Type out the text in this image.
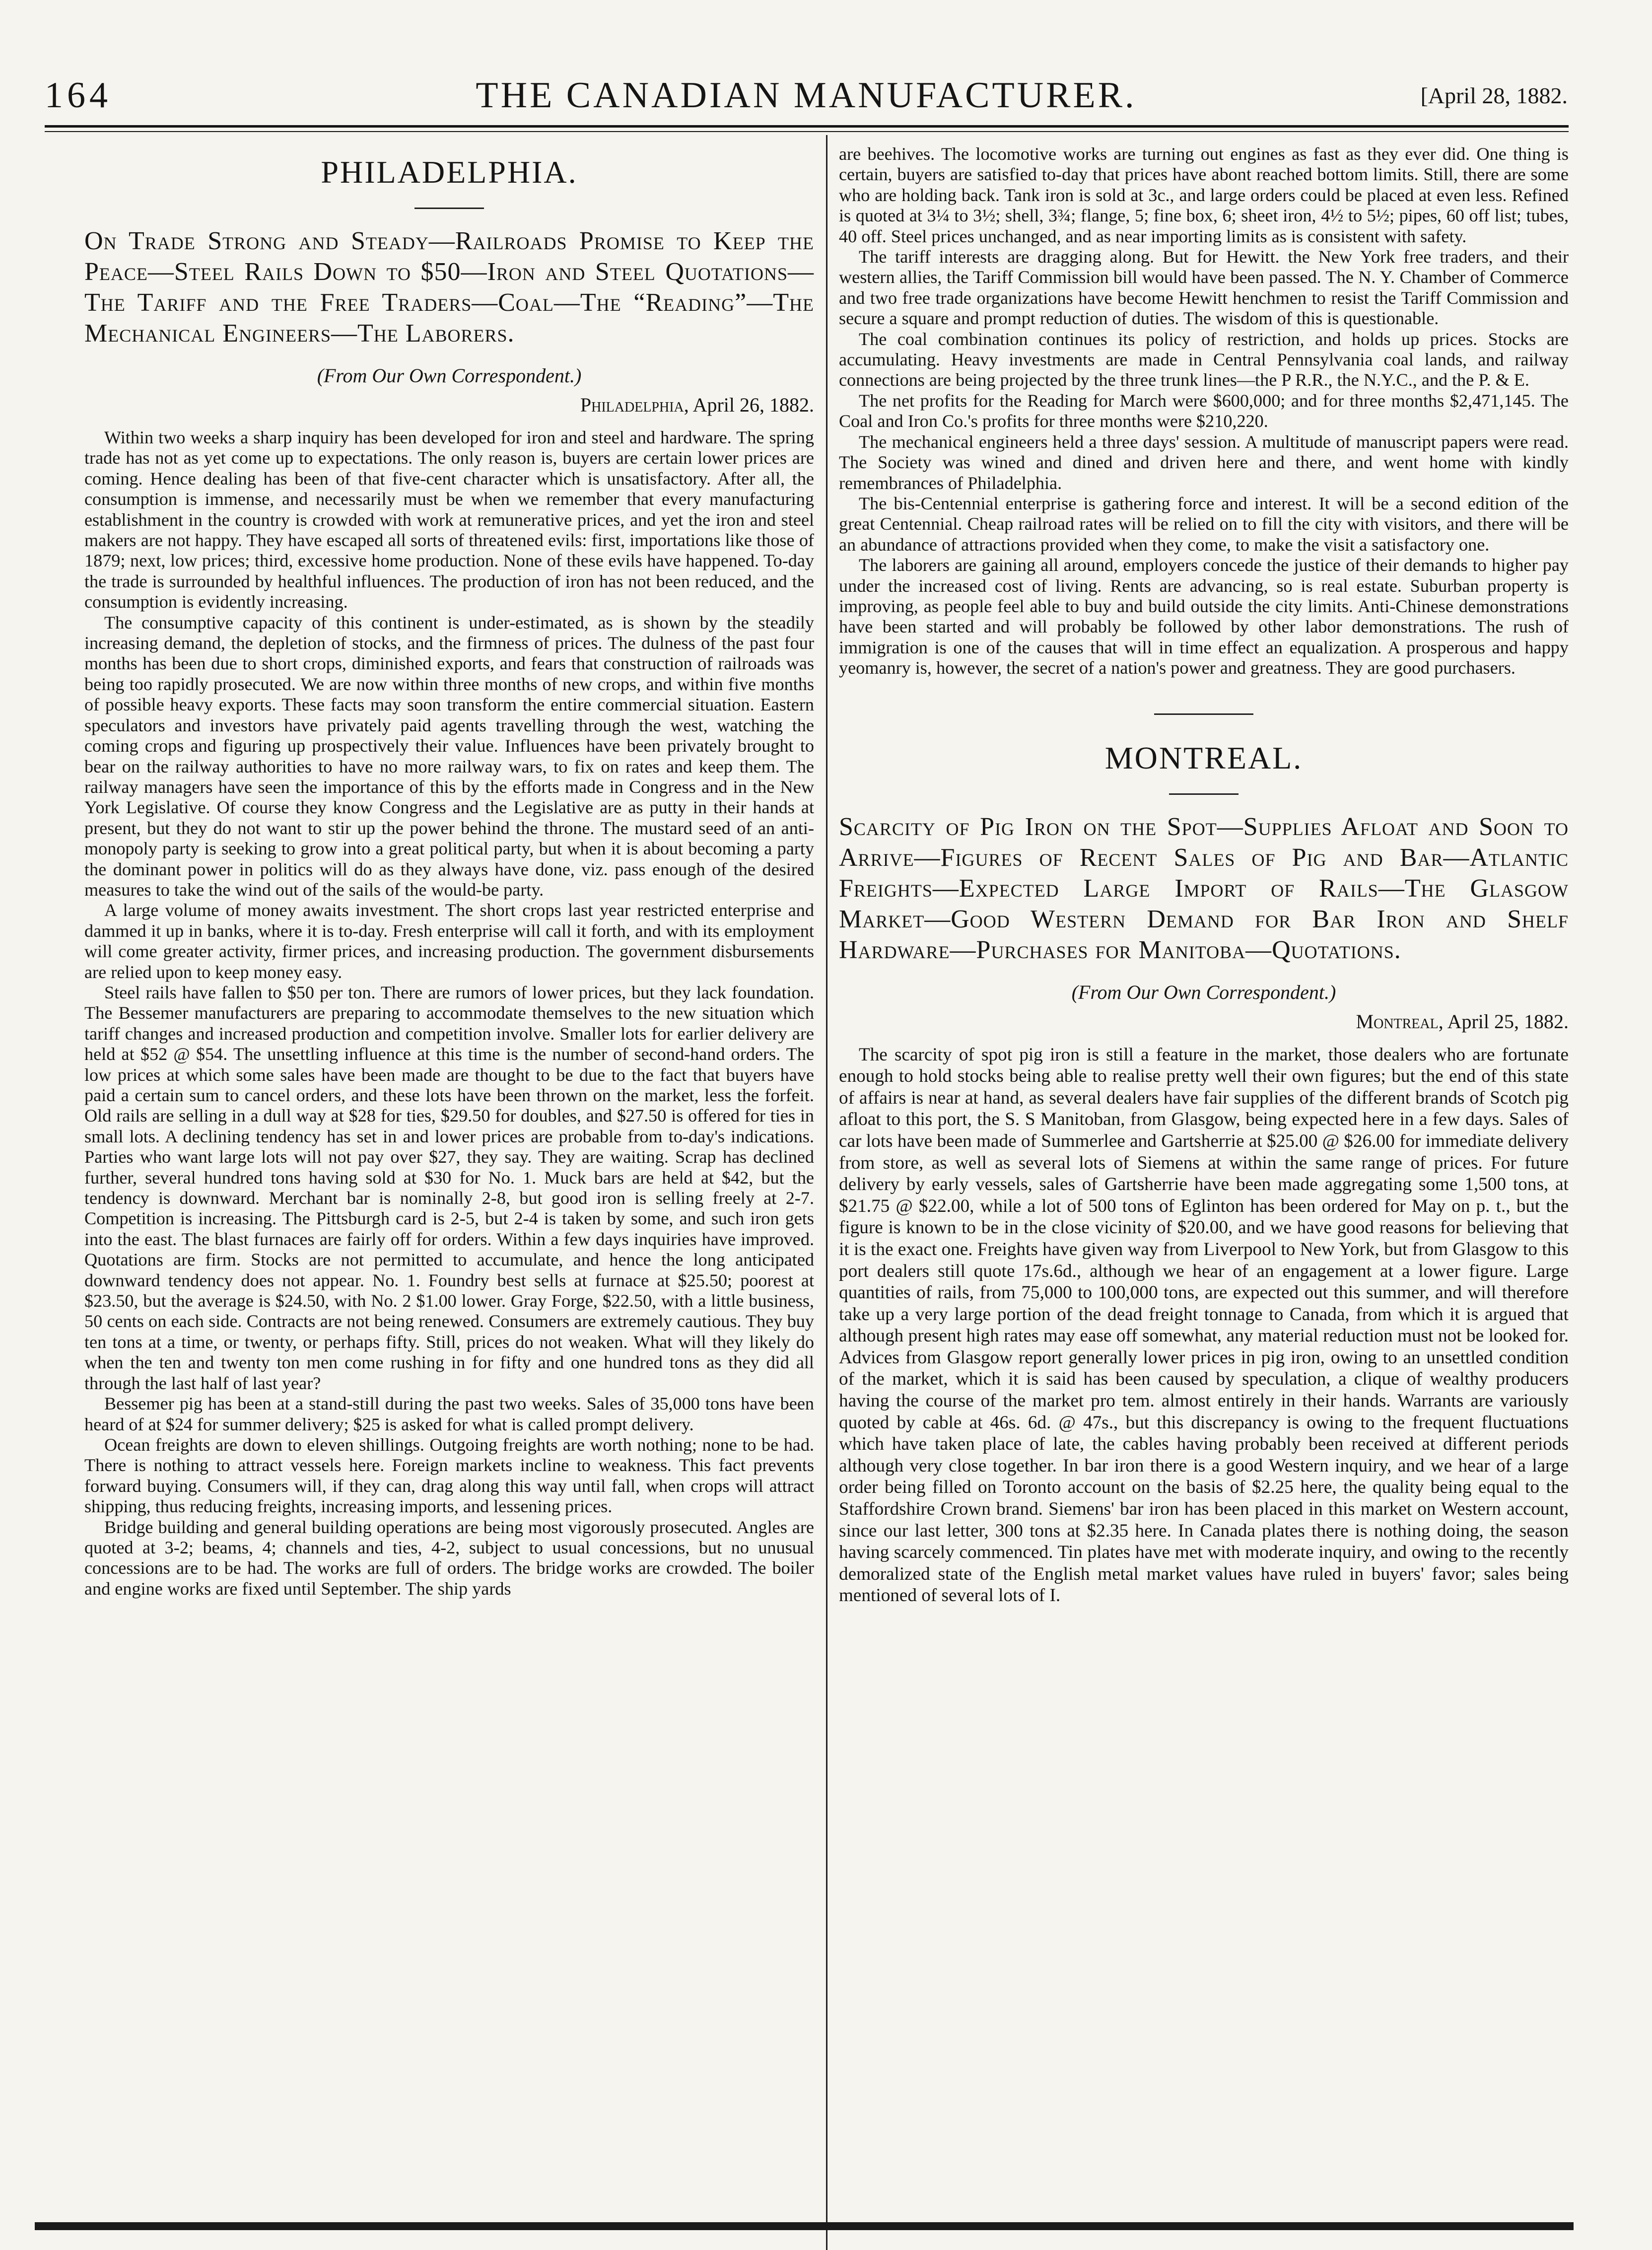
164	THE CANADIAN MANUFACTURER.	[April 28, 1882.
PHILADELPHIA.
On Trade Strong and Steady—Railroads Promise to Keep the Peace—Steel Rails Down to $50—Iron and Steel Quotations—The Tariff and the Free Traders—Coal—The “Reading”—The Mechanical Engineers—The Laborers.
(From Our Own Correspondent.)
Philadelphia, April 26, 1882.

Within two weeks a sharp inquiry has been developed for iron and steel and hardware. The spring trade has not as yet come up to expectations. The only reason is, buyers are certain lower prices are coming. Hence dealing has been of that five-cent character which is unsatisfactory. After all, the consumption is immense, and necessarily must be when we remember that every manufacturing establishment in the country is crowded with work at remunerative prices, and yet the iron and steel makers are not happy. They have escaped all sorts of threatened evils: first, importations like those of 1879; next, low prices; third, excessive home production. None of these evils have happened. To-day the trade is surrounded by healthful influences. The production of iron has not been reduced, and the consumption is evidently increasing.

The consumptive capacity of this continent is under-estimated, as is shown by the steadily increasing demand, the depletion of stocks, and the firmness of prices. The dulness of the past four months has been due to short crops, diminished exports, and fears that construction of railroads was being too rapidly prosecuted. We are now within three months of new crops, and within five months of possible heavy exports. These facts may soon transform the entire commercial situation. Eastern speculators and investors have privately paid agents travelling through the west, watching the coming crops and figuring up prospectively their value. Influences have been privately brought to bear on the railway authorities to have no more railway wars, to fix on rates and keep them. The railway managers have seen the importance of this by the efforts made in Congress and in the New York Legislative. Of course they know Congress and the Legislative are as putty in their hands at present, but they do not want to stir up the power behind the throne. The mustard seed of an anti-monopoly party is seeking to grow into a great political party, but when it is about becoming a party the dominant power in politics will do as they always have done, viz. pass enough of the desired measures to take the wind out of the sails of the would-be party.

A large volume of money awaits investment. The short crops last year restricted enterprise and dammed it up in banks, where it is to-day. Fresh enterprise will call it forth, and with its employment will come greater activity, firmer prices, and increasing production. The government disbursements are relied upon to keep money easy.

Steel rails have fallen to $50 per ton. There are rumors of lower prices, but they lack foundation. The Bessemer manufacturers are preparing to accommodate themselves to the new situation which tariff changes and increased production and competition involve. Smaller lots for earlier delivery are held at $52 @ $54. The unsettling influence at this time is the number of second-hand orders. The low prices at which some sales have been made are thought to be due to the fact that buyers have paid a certain sum to cancel orders, and these lots have been thrown on the market, less the forfeit. Old rails are selling in a dull way at $28 for ties, $29.50 for doubles, and $27.50 is offered for ties in small lots. A declining tendency has set in and lower prices are probable from to-day's indications. Parties who want large lots will not pay over $27, they say. They are waiting. Scrap has declined further, several hundred tons having sold at $30 for No. 1. Muck bars are held at $42, but the tendency is downward. Merchant bar is nominally 2-8, but good iron is selling freely at 2-7. Competition is increasing. The Pittsburgh card is 2-5, but 2-4 is taken by some, and such iron gets into the east. The blast furnaces are fairly off for orders. Within a few days inquiries have improved. Quotations are firm. Stocks are not permitted to accumulate, and hence the long anticipated downward tendency does not appear. No. 1. Foundry best sells at furnace at $25.50; poorest at $23.50, but the average is $24.50, with No. 2 $1.00 lower. Gray Forge, $22.50, with a little business, 50 cents on each side. Contracts are not being renewed. Consumers are extremely cautious. They buy ten tons at a time, or twenty, or perhaps fifty. Still, prices do not weaken. What will they likely do when the ten and twenty ton men come rushing in for fifty and one hundred tons as they did all through the last half of last year?

Bessemer pig has been at a stand-still during the past two weeks. Sales of 35,000 tons have been heard of at $24 for summer delivery; $25 is asked for what is called prompt delivery.

Ocean freights are down to eleven shillings. Outgoing freights are worth nothing; none to be had. There is nothing to attract vessels here. Foreign markets incline to weakness. This fact prevents forward buying. Consumers will, if they can, drag along this way until fall, when crops will attract shipping, thus reducing freights, increasing imports, and lessening prices.

Bridge building and general building operations are being most vigorously prosecuted. Angles are quoted at 3-2; beams, 4; channels and ties, 4-2, subject to usual concessions, but no unusual concessions are to be had. The works are full of orders. The bridge works are crowded. The boiler and engine works are fixed until September. The ship yards

are beehives. The locomotive works are turning out engines as fast as they ever did. One thing is certain, buyers are satisfied to-day that prices have abont reached bottom limits. Still, there are some who are holding back. Tank iron is sold at 3c., and large orders could be placed at even less. Refined is quoted at 3¼ to 3½; shell, 3¾; flange, 5; fine box, 6; sheet iron, 4½ to 5½; pipes, 60 off list; tubes, 40 off. Steel prices unchanged, and as near importing limits as is consistent with safety.

The tariff interests are dragging along. But for Hewitt. the New York free traders, and their western allies, the Tariff Commission bill would have been passed. The N. Y. Chamber of Commerce and two free trade organizations have become Hewitt henchmen to resist the Tariff Commission and secure a square and prompt reduction of duties. The wisdom of this is questionable.

The coal combination continues its policy of restriction, and holds up prices. Stocks are accumulating. Heavy investments are made in Central Pennsylvania coal lands, and railway connections are being projected by the three trunk lines—the P R.R., the N.Y.C., and the P. & E.

The net profits for the Reading for March were $600,000; and for three months $2,471,145. The Coal and Iron Co.'s profits for three months were $210,220.

The mechanical engineers held a three days' session. A multitude of manuscript papers were read. The Society was wined and dined and driven here and there, and went home with kindly remembrances of Philadelphia.

The bis-Centennial enterprise is gathering force and interest. It will be a second edition of the great Centennial. Cheap railroad rates will be relied on to fill the city with visitors, and there will be an abundance of attractions provided when they come, to make the visit a satisfactory one.

The laborers are gaining all around, employers concede the justice of their demands to higher pay under the increased cost of living. Rents are advancing, so is real estate. Suburban property is improving, as people feel able to buy and build outside the city limits. Anti-Chinese demonstrations have been started and will probably be followed by other labor demonstrations. The rush of immigration is one of the causes that will in time effect an equalization. A prosperous and happy yeomanry is, however, the secret of a nation's power and greatness. They are good purchasers.

MONTREAL.
Scarcity of Pig Iron on the Spot—Supplies Afloat and Soon to Arrive—Figures of Recent Sales of Pig and Bar—Atlantic Freights—Expected Large Import of Rails—The Glasgow Market—Good Western Demand for Bar Iron and Shelf Hardware—Purchases for Manitoba—Quotations.
(From Our Own Correspondent.)
Montreal, April 25, 1882.

The scarcity of spot pig iron is still a feature in the market, those dealers who are fortunate enough to hold stocks being able to realise pretty well their own figures; but the end of this state of affairs is near at hand, as several dealers have fair supplies of the different brands of Scotch pig afloat to this port, the S. S Manitoban, from Glasgow, being expected here in a few days. Sales of car lots have been made of Summerlee and Gartsherrie at $25.00 @ $26.00 for immediate delivery from store, as well as several lots of Siemens at within the same range of prices. For future delivery by early vessels, sales of Gartsherrie have been made aggregating some 1,500 tons, at $21.75 @ $22.00, while a lot of 500 tons of Eglinton has been ordered for May on p. t., but the figure is known to be in the close vicinity of $20.00, and we have good reasons for believing that it is the exact one. Freights have given way from Liverpool to New York, but from Glasgow to this port dealers still quote 17s.6d., although we hear of an engagement at a lower figure. Large quantities of rails, from 75,000 to 100,000 tons, are expected out this summer, and will therefore take up a very large portion of the dead freight tonnage to Canada, from which it is argued that although present high rates may ease off somewhat, any material reduction must not be looked for. Advices from Glasgow report generally lower prices in pig iron, owing to an unsettled condition of the market, which it is said has been caused by speculation, a clique of wealthy producers having the course of the market pro tem. almost entirely in their hands. Warrants are variously quoted by cable at 46s. 6d. @ 47s., but this discrepancy is owing to the frequent fluctuations which have taken place of late, the cables having probably been received at different periods although very close together. In bar iron there is a good Western inquiry, and we hear of a large order being filled on Toronto account on the basis of $2.25 here, the quality being equal to the Staffordshire Crown brand. Siemens' bar iron has been placed in this market on Western account, since our last letter, 300 tons at $2.35 here. In Canada plates there is nothing doing, the season having scarcely commenced. Tin plates have met with moderate inquiry, and owing to the recently demoralized state of the English metal market values have ruled in buyers' favor; sales being mentioned of several lots of I.
